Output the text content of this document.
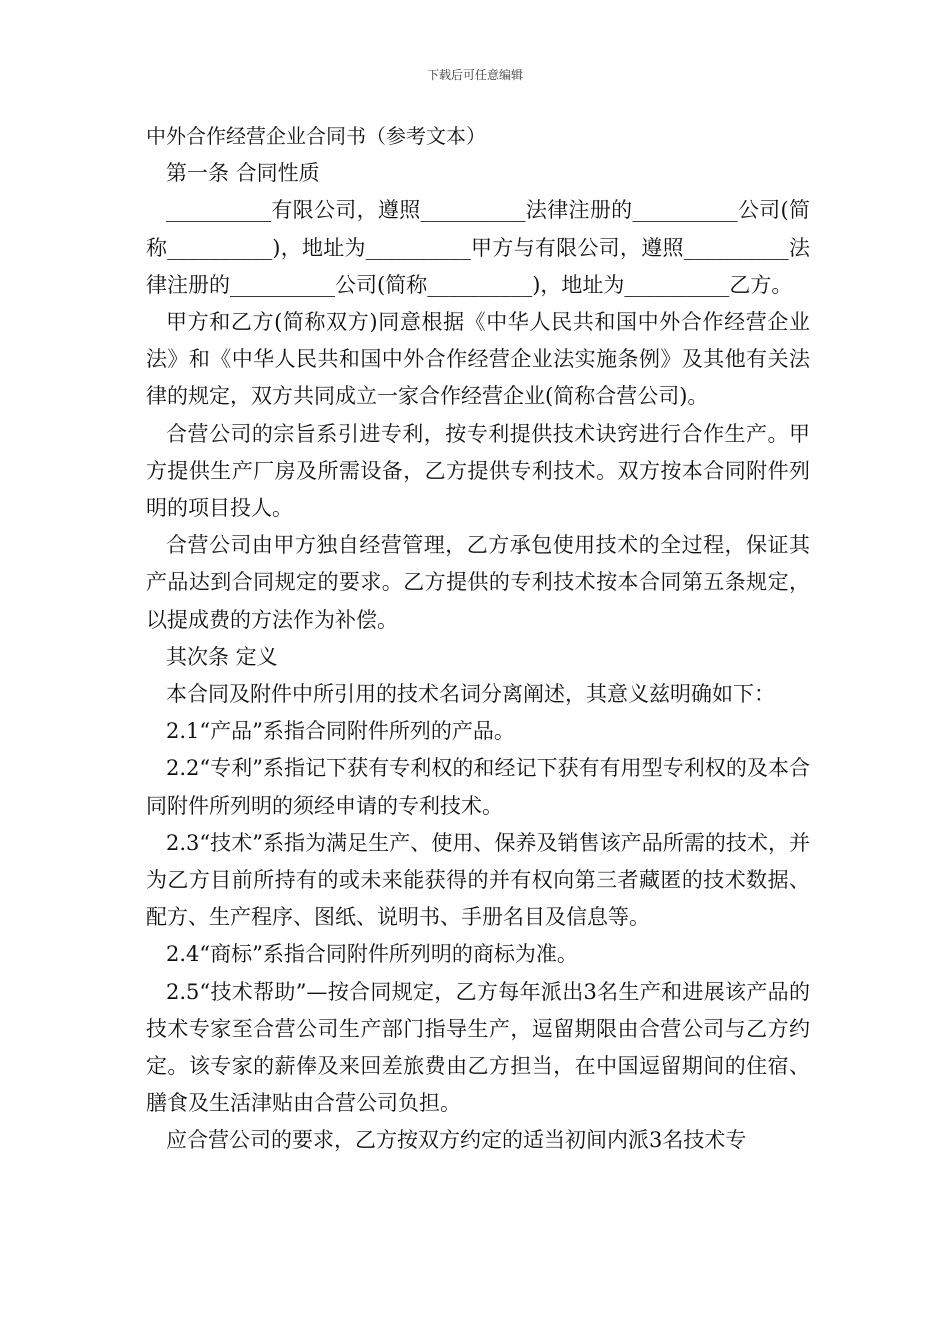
下载后可任意编辑

中外合作经营企业合同书（参考文本）

第一条 合同性质

__________有限公司，遵照__________法律注册的__________公司(简称__________)，地址为__________甲方与有限公司，遵照__________法律注册的__________公司(简称__________)，地址为__________乙方。

甲方和乙方(简称双方)同意根据《中华人民共和国中外合作经营企业法》和《中华人民共和国中外合作经营企业法实施条例》及其他有关法律的规定，双方共同成立一家合作经营企业(简称合营公司)。

合营公司的宗旨系引进专利，按专利提供技术诀窍进行合作生产。甲方提供生产厂房及所需设备，乙方提供专利技术。双方按本合同附件列明的项目投人。

合营公司由甲方独自经营管理，乙方承包使用技术的全过程，保证其产品达到合同规定的要求。乙方提供的专利技术按本合同第五条规定，以提成费的方法作为补偿。

其次条 定义

本合同及附件中所引用的技术名词分离阐述，其意义兹明确如下：

2.1“产品”系指合同附件所列的产品。

2.2“专利”系指记下获有专利权的和经记下获有有用型专利权的及本合同附件所列明的须经申请的专利技术。

2.3“技术”系指为满足生产、使用、保养及销售该产品所需的技术，并为乙方目前所持有的或未来能获得的并有权向第三者藏匿的技术数据、配方、生产程序、图纸、说明书、手册名目及信息等。

2.4“商标”系指合同附件所列明的商标为准。

2.5“技术帮助”—按合同规定，乙方每年派出3名生产和进展该产品的技术专家至合营公司生产部门指导生产，逗留期限由合营公司与乙方约定。该专家的薪俸及来回差旅费由乙方担当，在中国逗留期间的住宿、膳食及生活津贴由合营公司负担。

应合营公司的要求，乙方按双方约定的适当初间内派3名技术专
